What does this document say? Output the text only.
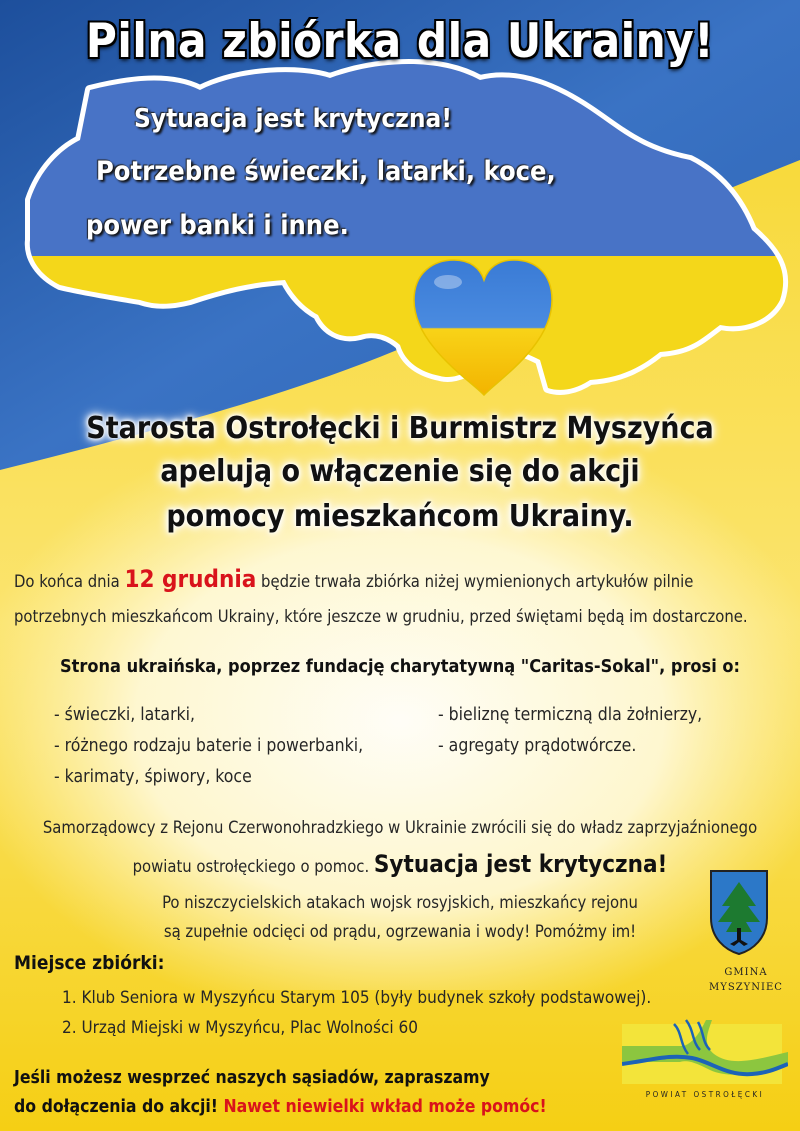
Pilna zbiórka dla Ukrainy!
Sytuacja jest krytyczna!
Potrzebne świeczki, latarki, koce,
power banki i inne.
Starosta Ostrołęcki i Burmistrz Myszyńca
apelują o włączenie się do akcji
pomocy mieszkańcom Ukrainy.
Do końca dnia 12 grudnia będzie trwała zbiórka niżej wymienionych artykułów pilnie
potrzebnych mieszkańcom Ukrainy, które jeszcze w grudniu, przed świętami będą im dostarczone.
Strona ukraińska, poprzez fundację charytatywną "Caritas-Sokal", prosi o:
- świeczki, latarki,
- różnego rodzaju baterie i powerbanki,
- karimaty, śpiwory, koce
- bieliznę termiczną dla żołnierzy,
- agregaty prądotwórcze.
Samorządowcy z Rejonu Czerwonohradzkiego w Ukrainie zwrócili się do władz zaprzyjaźnionego
powiatu ostrołęckiego o pomoc. Sytuacja jest krytyczna!
Po niszczycielskich atakach wojsk rosyjskich, mieszkańcy rejonu
są zupełnie odcięci od prądu, ogrzewania i wody! Pomóżmy im!
Miejsce zbiórki:
1. Klub Seniora w Myszyńcu Starym 105 (były budynek szkoły podstawowej).
2. Urząd Miejski w Myszyńcu, Plac Wolności 60
Jeśli możesz wesprzeć naszych sąsiadów, zapraszamy
do dołączenia do akcji! Nawet niewielki wkład może pomóc!
GMINA
MYSZYNIEC
POWIAT OSTROŁĘCKI
